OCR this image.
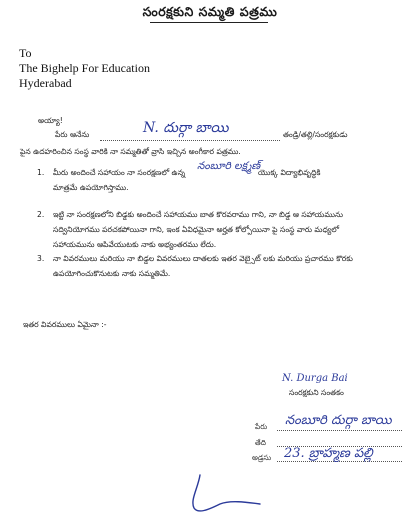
సంరక్షకుని సమ్మతి పత్రము
To
The Bighelp For Education
Hyderabad
అయ్యా!
పేరు ఆనేను	N. దుర్గా బాయి	తండ్రి/తల్లి/సంరక్షకుడు
పైన ఉదహరించిన సంస్థ వారికి నా సమ్మతితో వ్రాసి ఇచ్చిన అంగీకార పత్రము.
1. మీరు అందించే సహాయం నా సంరక్షణలో ఉన్న
నంబూరి లక్ష్మణ్
యొక్క విద్యాభివృద్ధికి
మాత్రమే ఉపయోగిస్తాము.
2. ఇట్టి నా సంరక్షణలోని బిడ్డకు అందించే సహాయము బాత కొరవరాము గాని, నా బిడ్డ ఆ సహాయమును
సద్వినియోగము పరచకపోయినా గాని, ఇంక ఏవిధమైనా అర్హత కోల్పోయినా పై సంస్థ వారు మధ్యలో
సహాయమును ఆపివేయుటకు నాకు అభ్యంతరము లేదు.
3. నా వివరములు మరియు నా బిడ్డల వివరములు దాతలకు ఇతర వెబ్సైట్ లకు మరియు ప్రచారము కొరకు
ఉపయోగించుకొనుటకు నాకు సమ్మతిమే.
ఇతర వివరములు ఏమైనా :-
N. Durga Bai
సంరక్షకుని సంతకం
పేరు నంబూరి దుర్గా బాయి
తేది
అడ్రసు 23. బ్రాహ్మణ పల్లి
